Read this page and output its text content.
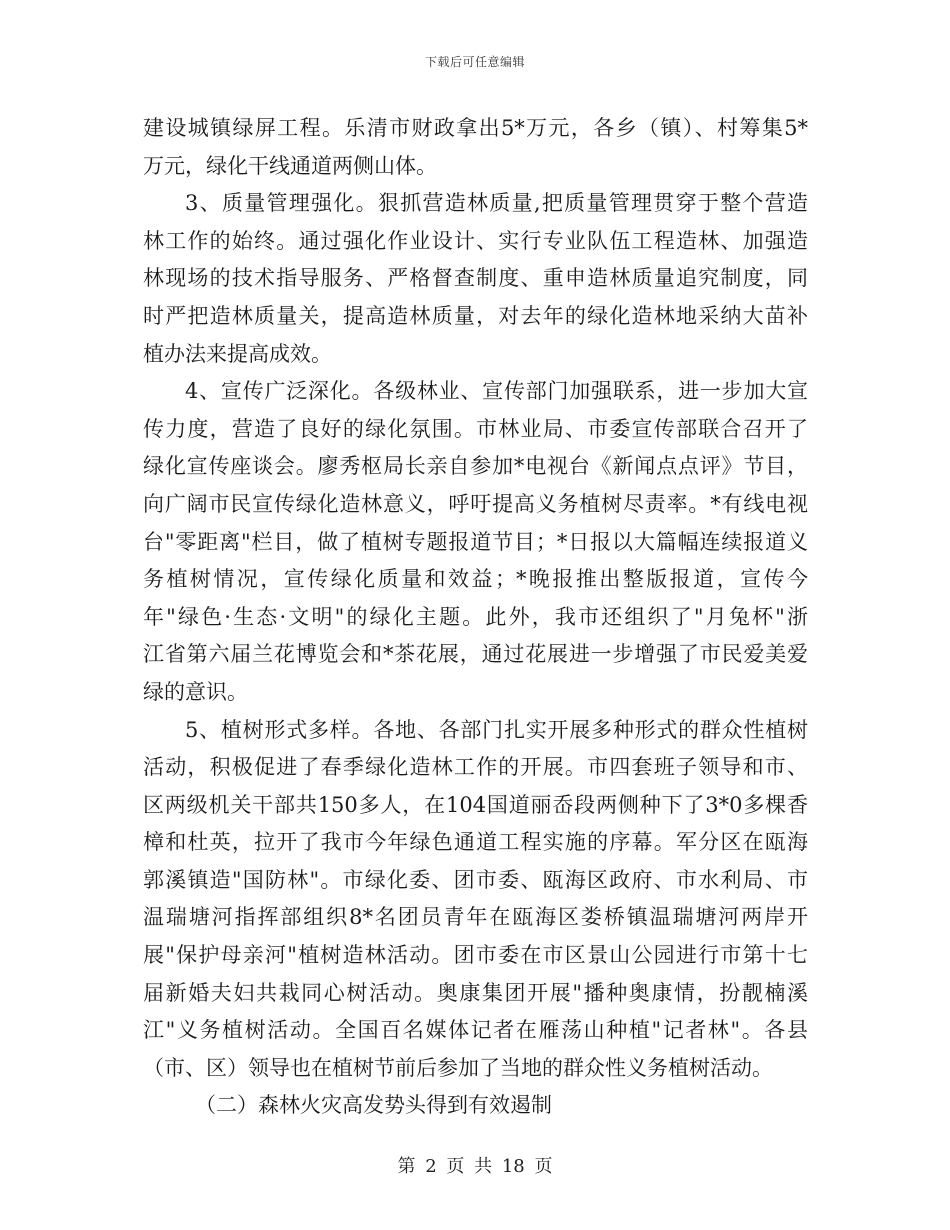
下载后可任意编辑
建设城镇绿屏工程。乐清市财政拿出5*万元，各乡（镇）、村筹集5*
万元，绿化干线通道两侧山体。
3、质量管理强化。狠抓营造林质量,把质量管理贯穿于整个营造
林工作的始终。通过强化作业设计、实行专业队伍工程造林、加强造
林现场的技术指导服务、严格督查制度、重申造林质量追究制度，同
时严把造林质量关，提高造林质量，对去年的绿化造林地采纳大苗补
植办法来提高成效。
4、宣传广泛深化。各级林业、宣传部门加强联系，进一步加大宣
传力度，营造了良好的绿化氛围。市林业局、市委宣传部联合召开了
绿化宣传座谈会。廖秀枢局长亲自参加*电视台《新闻点点评》节目，
向广阔市民宣传绿化造林意义，呼吁提高义务植树尽责率。*有线电视
台"零距离"栏目，做了植树专题报道节目；*日报以大篇幅连续报道义
务植树情况，宣传绿化质量和效益；*晚报推出整版报道，宣传今
年"绿色·生态·文明"的绿化主题。此外，我市还组织了"月兔杯"浙
江省第六届兰花博览会和*茶花展，通过花展进一步增强了市民爱美爱
绿的意识。
5、植树形式多样。各地、各部门扎实开展多种形式的群众性植树
活动，积极促进了春季绿化造林工作的开展。市四套班子领导和市、
区两级机关干部共150多人，在104国道丽岙段两侧种下了3*0多棵香
樟和杜英，拉开了我市今年绿色通道工程实施的序幕。军分区在瓯海
郭溪镇造"国防林"。市绿化委、团市委、瓯海区政府、市水利局、市
温瑞塘河指挥部组织8*名团员青年在瓯海区娄桥镇温瑞塘河两岸开
展"保护母亲河"植树造林活动。团市委在市区景山公园进行市第十七
届新婚夫妇共栽同心树活动。奥康集团开展"播种奥康情，扮靓楠溪
江"义务植树活动。全国百名媒体记者在雁荡山种植"记者林"。各县
（市、区）领导也在植树节前后参加了当地的群众性义务植树活动。
（二）森林火灾高发势头得到有效遏制
第 2 页 共 18 页
